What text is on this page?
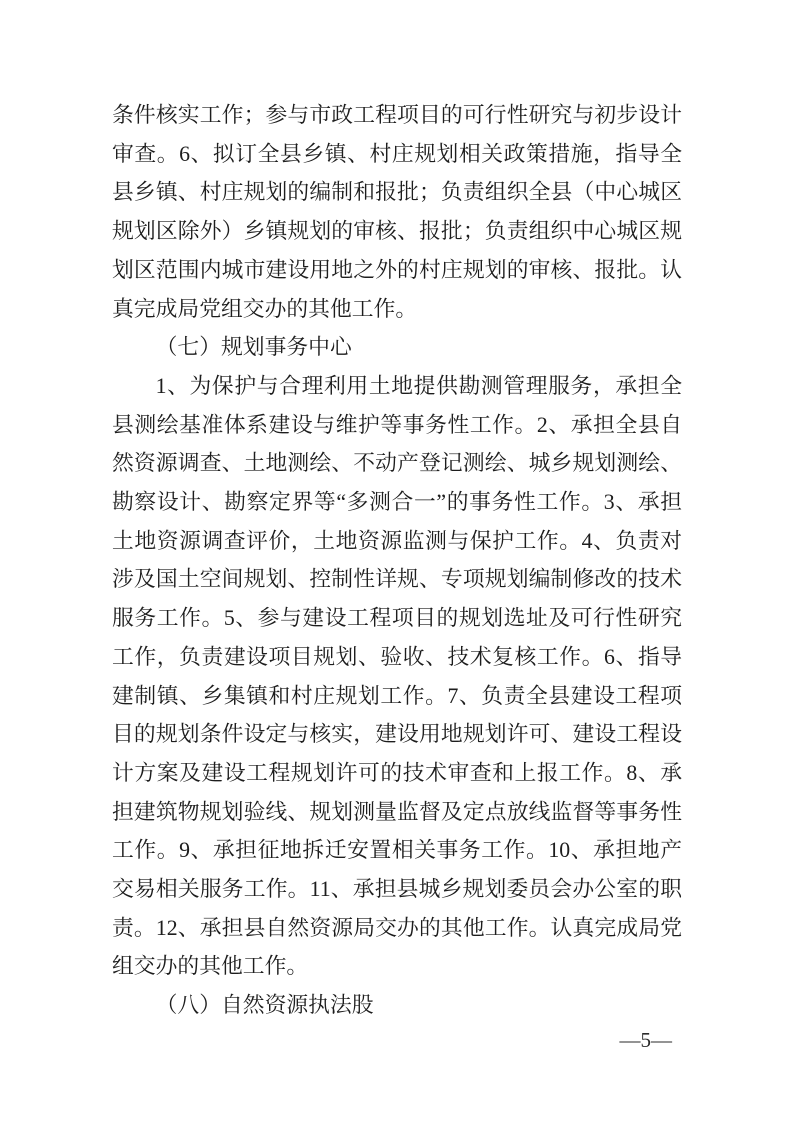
条件核实工作；参与市政工程项目的可行性研究与初步设计审查。6、拟订全县乡镇、村庄规划相关政策措施，指导全县乡镇、村庄规划的编制和报批；负责组织全县（中心城区规划区除外）乡镇规划的审核、报批；负责组织中心城区规划区范围内城市建设用地之外的村庄规划的审核、报批。认真完成局党组交办的其他工作。

（七）规划事务中心

1、为保护与合理利用土地提供勘测管理服务，承担全县测绘基准体系建设与维护等事务性工作。2、承担全县自然资源调查、土地测绘、不动产登记测绘、城乡规划测绘、勘察设计、勘察定界等“多测合一”的事务性工作。3、承担土地资源调查评价，土地资源监测与保护工作。4、负责对涉及国土空间规划、控制性详规、专项规划编制修改的技术服务工作。5、参与建设工程项目的规划选址及可行性研究工作，负责建设项目规划、验收、技术复核工作。6、指导建制镇、乡集镇和村庄规划工作。7、负责全县建设工程项目的规划条件设定与核实，建设用地规划许可、建设工程设计方案及建设工程规划许可的技术审查和上报工作。8、承担建筑物规划验线、规划测量监督及定点放线监督等事务性工作。9、承担征地拆迁安置相关事务工作。10、承担地产交易相关服务工作。11、承担县城乡规划委员会办公室的职责。12、承担县自然资源局交办的其他工作。认真完成局党组交办的其他工作。

（八）自然资源执法股

—5—
